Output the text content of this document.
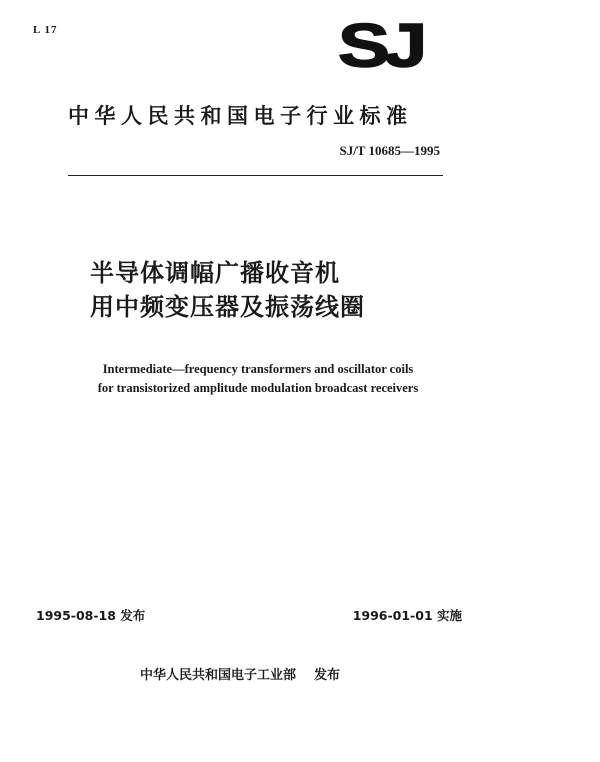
L 17	SJ
中华人民共和国电子行业标准
SJ/T 10685—1995
半导体调幅广播收音机
用中频变压器及振荡线圈
Intermediate—frequency transformers and oscillator coils
for transistorized amplitude modulation broadcast receivers
1995-08-18 发布	1996-01-01 实施
中华人民共和国电子工业部 发布
